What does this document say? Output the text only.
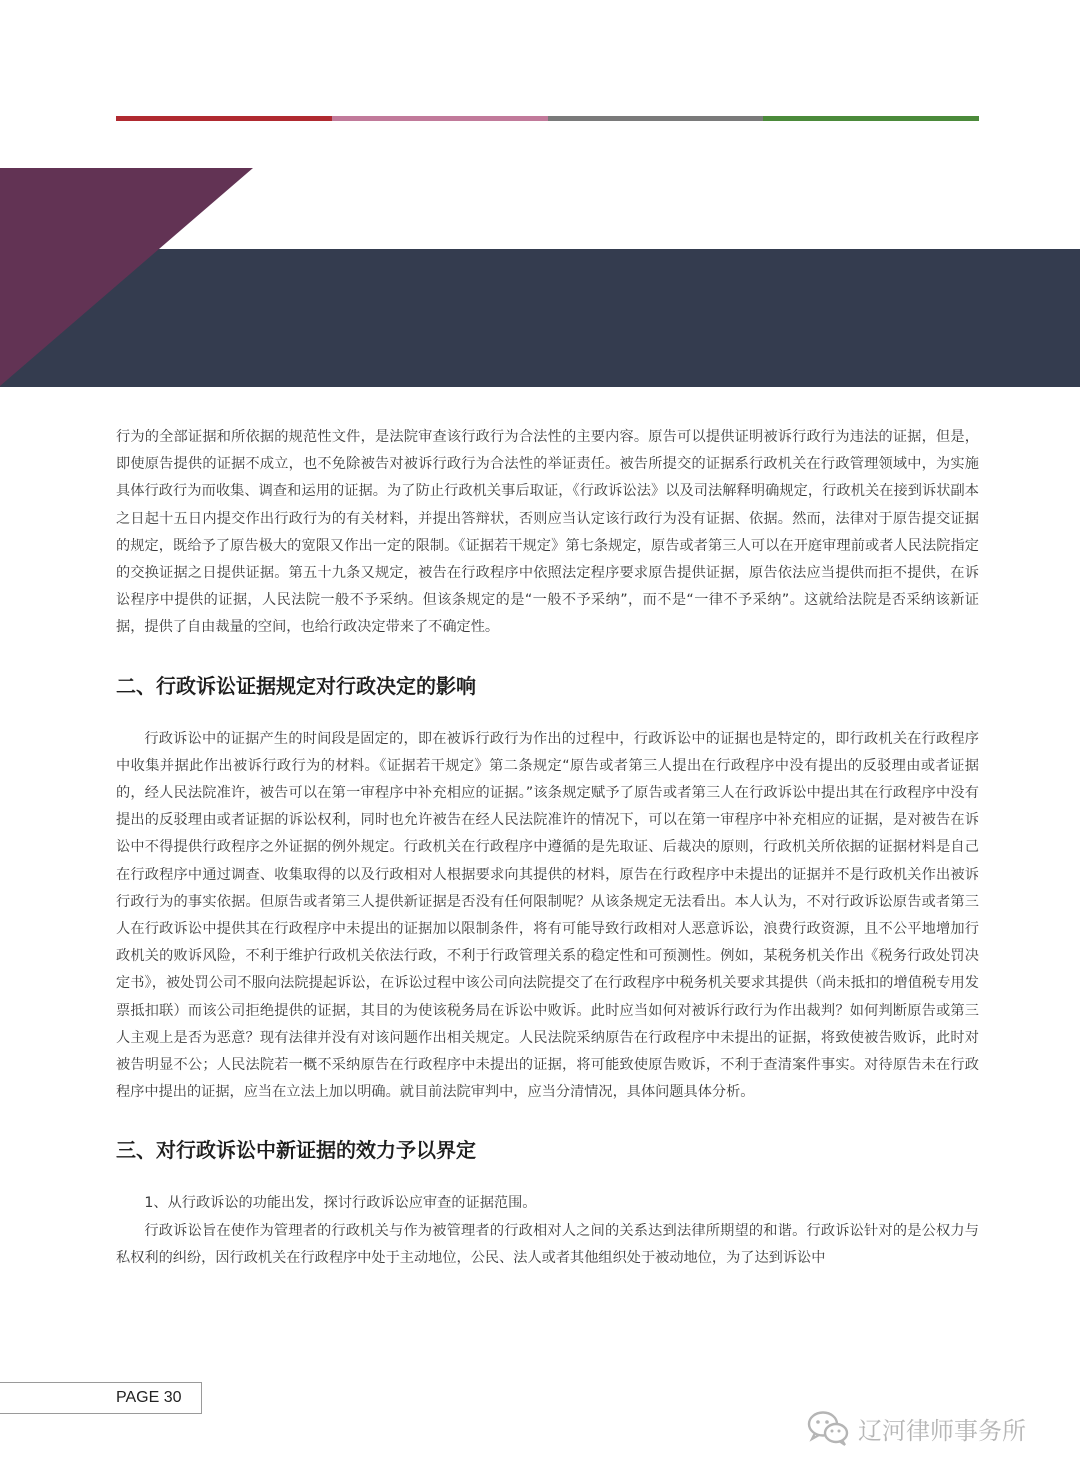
行为的全部证据和所依据的规范性文件，是法院审查该行政行为合法性的主要内容。原告可以提供证明被诉行政行为违法的证据，但是，即使原告提供的证据不成立，也不免除被告对被诉行政行为合法性的举证责任。被告所提交的证据系行政机关在行政管理领域中，为实施具体行政行为而收集、调查和运用的证据。为了防止行政机关事后取证，《行政诉讼法》以及司法解释明确规定，行政机关在接到诉状副本之日起十五日内提交作出行政行为的有关材料，并提出答辩状，否则应当认定该行政行为没有证据、依据。然而，法律对于原告提交证据的规定，既给予了原告极大的宽限又作出一定的限制。《证据若干规定》第七条规定，原告或者第三人可以在开庭审理前或者人民法院指定的交换证据之日提供证据。第五十九条又规定，被告在行政程序中依照法定程序要求原告提供证据，原告依法应当提供而拒不提供，在诉讼程序中提供的证据，人民法院一般不予采纳。但该条规定的是“一般不予采纳”，而不是“一律不予采纳”。这就给法院是否采纳该新证据，提供了自由裁量的空间，也给行政决定带来了不确定性。

二、行政诉讼证据规定对行政决定的影响

行政诉讼中的证据产生的时间段是固定的，即在被诉行政行为作出的过程中，行政诉讼中的证据也是特定的，即行政机关在行政程序中收集并据此作出被诉行政行为的材料。《证据若干规定》第二条规定“原告或者第三人提出在行政程序中没有提出的反驳理由或者证据的，经人民法院准许，被告可以在第一审程序中补充相应的证据。”该条规定赋予了原告或者第三人在行政诉讼中提出其在行政程序中没有提出的反驳理由或者证据的诉讼权利，同时也允许被告在经人民法院准许的情况下，可以在第一审程序中补充相应的证据，是对被告在诉讼中不得提供行政程序之外证据的例外规定。行政机关在行政程序中遵循的是先取证、后裁决的原则，行政机关所依据的证据材料是自己在行政程序中通过调查、收集取得的以及行政相对人根据要求向其提供的材料，原告在行政程序中未提出的证据并不是行政机关作出被诉行政行为的事实依据。但原告或者第三人提供新证据是否没有任何限制呢？从该条规定无法看出。本人认为，不对行政诉讼原告或者第三人在行政诉讼中提供其在行政程序中未提出的证据加以限制条件，将有可能导致行政相对人恶意诉讼，浪费行政资源，且不公平地增加行政机关的败诉风险，不利于维护行政机关依法行政，不利于行政管理关系的稳定性和可预测性。例如，某税务机关作出《税务行政处罚决定书》，被处罚公司不服向法院提起诉讼，在诉讼过程中该公司向法院提交了在行政程序中税务机关要求其提供（尚未抵扣的增值税专用发票抵扣联）而该公司拒绝提供的证据，其目的为使该税务局在诉讼中败诉。此时应当如何对被诉行政行为作出裁判？如何判断原告或第三人主观上是否为恶意？现有法律并没有对该问题作出相关规定。人民法院采纳原告在行政程序中未提出的证据，将致使被告败诉，此时对被告明显不公；人民法院若一概不采纳原告在行政程序中未提出的证据，将可能致使原告败诉，不利于查清案件事实。对待原告未在行政程序中提出的证据，应当在立法上加以明确。就目前法院审判中，应当分清情况，具体问题具体分析。

三、对行政诉讼中新证据的效力予以界定

1、从行政诉讼的功能出发，探讨行政诉讼应审查的证据范围。

行政诉讼旨在使作为管理者的行政机关与作为被管理者的行政相对人之间的关系达到法律所期望的和谐。行政诉讼针对的是公权力与私权利的纠纷，因行政机关在行政程序中处于主动地位，公民、法人或者其他组织处于被动地位，为了达到诉讼中

PAGE
30
辽河律师事务所
